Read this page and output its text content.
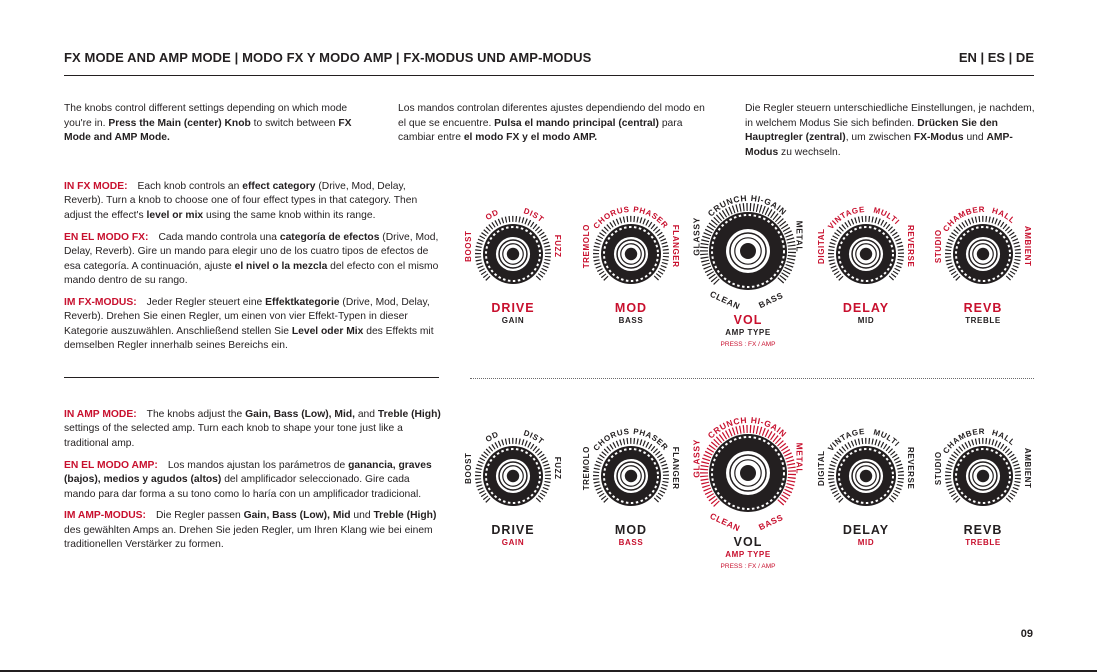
FX MODE AND AMP MODE | MODO FX Y MODO AMP | FX-MODUS UND AMP-MODUS	EN | ES | DE
The knobs control different settings depending on which mode you're in. Press the Main (center) Knob to switch between FX Mode and AMP Mode.
Los mandos controlan diferentes ajustes dependiendo del modo en el que se encuentre. Pulsa el mando principal (central) para cambiar entre el modo FX y el modo AMP.
Die Regler steuern unterschiedliche Einstellungen, je nachdem, in welchem Modus Sie sich befinden. Drücken Sie den Hauptregler (zentral), um zwischen FX-Modus und AMP-Modus zu wechseln.

IN FX MODE: Each knob controls an effect category (Drive, Mod, Delay, Reverb). Turn a knob to choose one of four effect types in that category. Then adjust the effect's level or mix using the same knob within its range.

EN EL MODO FX: Cada mando controla una categoría de efectos (Drive, Mod, Delay, Reverb). Gire un mando para elegir uno de los cuatro tipos de efectos de esa categoría. A continuación, ajuste el nivel o la mezcla del efecto con el mismo mando dentro de su rango.

IM FX-MODUS: Jeder Regler steuert eine Effektkategorie (Drive, Mod, Delay, Reverb). Drehen Sie einen Regler, um einen von vier Effekt-Typen in dieser Kategorie auszuwählen. Anschließend stellen Sie Level oder Mix des Effekts mit demselben Regler innerhalb seines Bereichs ein.

IN AMP MODE: The knobs adjust the Gain, Bass (Low), Mid, and Treble (High) settings of the selected amp. Turn each knob to shape your tone just like a traditional amp.

EN EL MODO AMP: Los mandos ajustan los parámetros de ganancia, graves (bajos), medios y agudos (altos) del amplificador seleccionado. Gire cada mando para dar forma a su tono como lo haría con un amplificador tradicional.

IM AMP-MODUS: Die Regler passen Gain, Bass (Low), Mid und Treble (High) des gewählten Amps an. Drehen Sie jeden Regler, um Ihren Klang wie bei einem traditionellen Verstärker zu formen.

BOOST
OD	DIST
FUZZ
DRIVE
GAIN
TREMOLO CHORUS PHASER
FLANGER
MOD
BASS
GLASSY
CRUNCH HI-GAIN
METAL
BASS
CLEAN
VOL
AMP TYPE
PRESS : FX / AMP
DIGITAL
VINTAGE MULTI
REVERSE
DELAY
MID
STUDIO
CHAMBER HALL
AMBIENT
REVB
TREBLE
BOOST
OD	DIST
FUZZ
DRIVE
GAIN
TREMOLO CHORUS PHASER
FLANGER
MOD
BASS
GLASSY
CRUNCH HI-GAIN
METAL
BASS
CLEAN
VOL
AMP TYPE
PRESS : FX / AMP
DIGITAL
VINTAGE MULTI
REVERSE
DELAY
MID
STUDIO
CHAMBER HALL
AMBIENT
REVB
TREBLE
09
